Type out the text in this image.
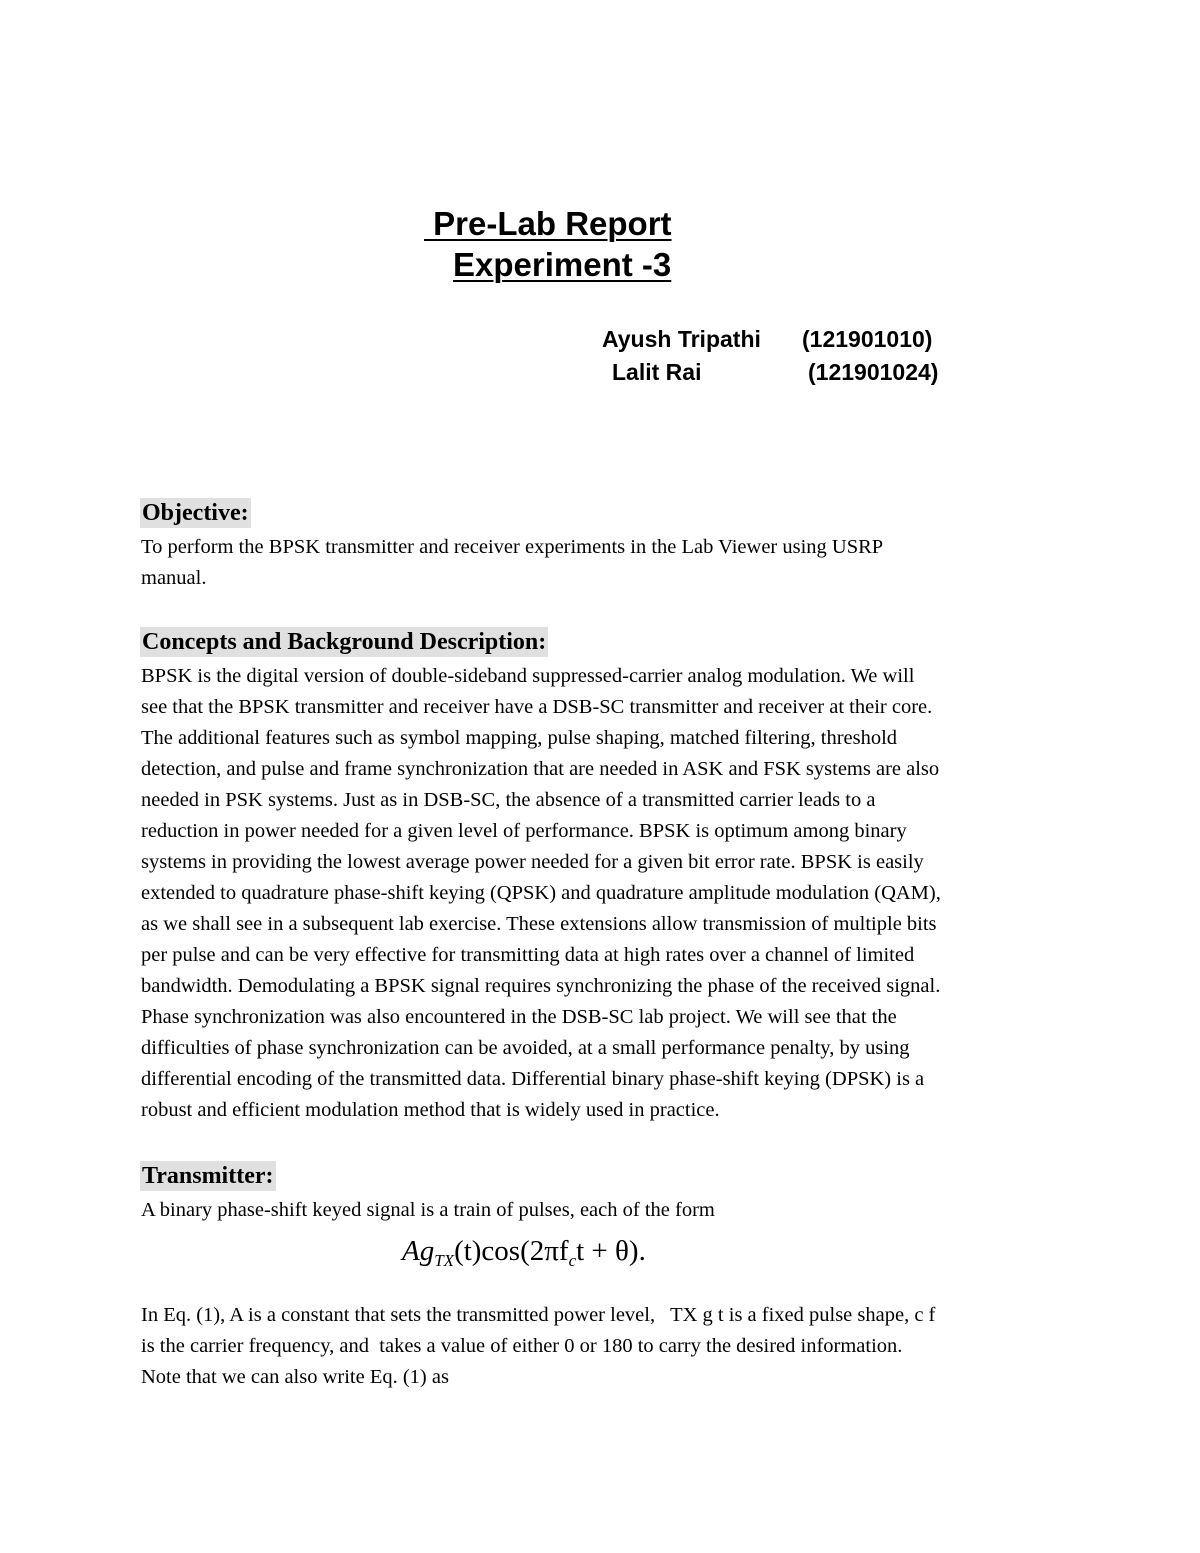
Pre-Lab Report
Experiment -3
Ayush Tripathi (121901010)
Lalit Rai	(121901024)
Objective:

To perform the BPSK transmitter and receiver experiments in the Lab Viewer using USRP
manual.

Concepts and Background Description:

BPSK is the digital version of double-sideband suppressed-carrier analog modulation. We will
see that the BPSK transmitter and receiver have a DSB-SC transmitter and receiver at their core.
The additional features such as symbol mapping, pulse shaping, matched filtering, threshold
detection, and pulse and frame synchronization that are needed in ASK and FSK systems are also
needed in PSK systems. Just as in DSB-SC, the absence of a transmitted carrier leads to a
reduction in power needed for a given level of performance. BPSK is optimum among binary
systems in providing the lowest average power needed for a given bit error rate. BPSK is easily
extended to quadrature phase-shift keying (QPSK) and quadrature amplitude modulation (QAM),
as we shall see in a subsequent lab exercise. These extensions allow transmission of multiple bits
per pulse and can be very effective for transmitting data at high rates over a channel of limited
bandwidth. Demodulating a BPSK signal requires synchronizing the phase of the received signal.
Phase synchronization was also encountered in the DSB-SC lab project. We will see that the
difficulties of phase synchronization can be avoided, at a small performance penalty, by using
differential encoding of the transmitted data. Differential binary phase-shift keying (DPSK) is a
robust and efficient modulation method that is widely used in practice.

Transmitter:

A binary phase-shift keyed signal is a train of pulses, each of the form

$Ag_{TX}(t)\cos(2\pi f_ct + \theta)$.

In Eq. (1), A is a constant that sets the transmitted power level,   TX g t is a fixed pulse shape, c f
is the carrier frequency, and  takes a value of either 0 or 180 to carry the desired information.
Note that we can also write Eq. (1) as
